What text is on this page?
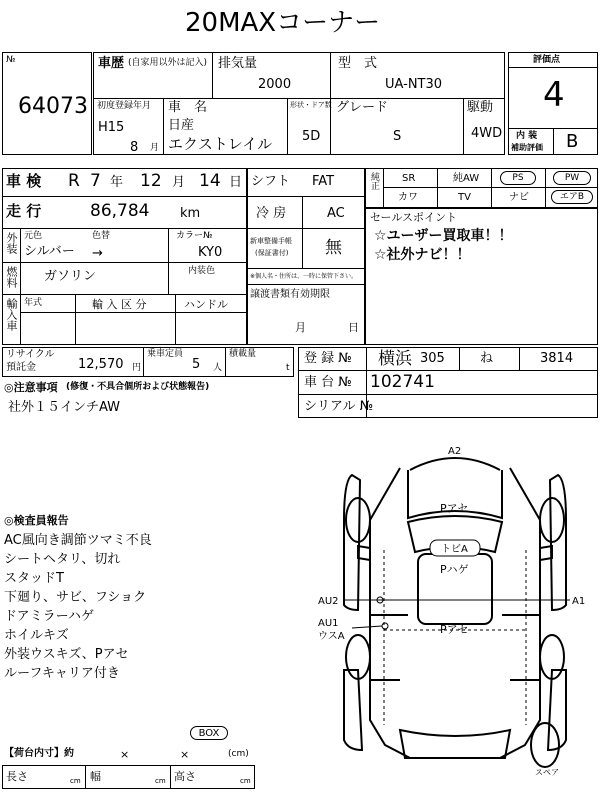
20MAXコーナー
№
64073
車歴 (自家用以外は記入) 排気量
2000
型　式
UA-NT30
初度登録年月
H15
8 月
車　名
日産
エクストレイル
形状・ドア数
5D
グレード
S
駆動
4WD
評価点
4
内 装
補助評価 B
車 検 R 7 年 12 月 14 日
走 行	86,784 km
外装 元色	色替
シルバー →
カラー№
KY0
燃料 ガソリン	内装色
輸入車 年式	輸 入 区 分	ハンドル
シフト FAT
冷 房	AC
新車整備手帳
(保証書付) 無
※個人名・住所は、一時に保管下さい。
譲渡書類有効期限
月	日
純正 SR	純AW	PS	PW
カワ	TV	ナビ	エアB
セールスポイント
☆ユーザー買取車！！
☆社外ナビ！！
リサイクル
預託金	12,570 円
乗車定員
5 人
積載量
t
登 録 № 横浜 305	ね	3814
車 台 № 102741
シリアル №
◎注意事項 (修復・不具合個所および状態報告)
社外１５インチAW
◎検査員報告
AC風向き調節ツマミ不良
シートヘタリ、切れ
スタッドT
下廻り、サビ、フショク
ドアミラーハゲ
ホイルキズ
外装ウスキズ、Pアセ
ルーフキャリア付き
A2
Pアセ
トビA
Pハゲ
Pアセ
AU2	A1
AU1
ウスA
スペア
BOX
【荷台内寸】約	×	×	(cm)
長さ	cm 幅	cm 高さ	cm
